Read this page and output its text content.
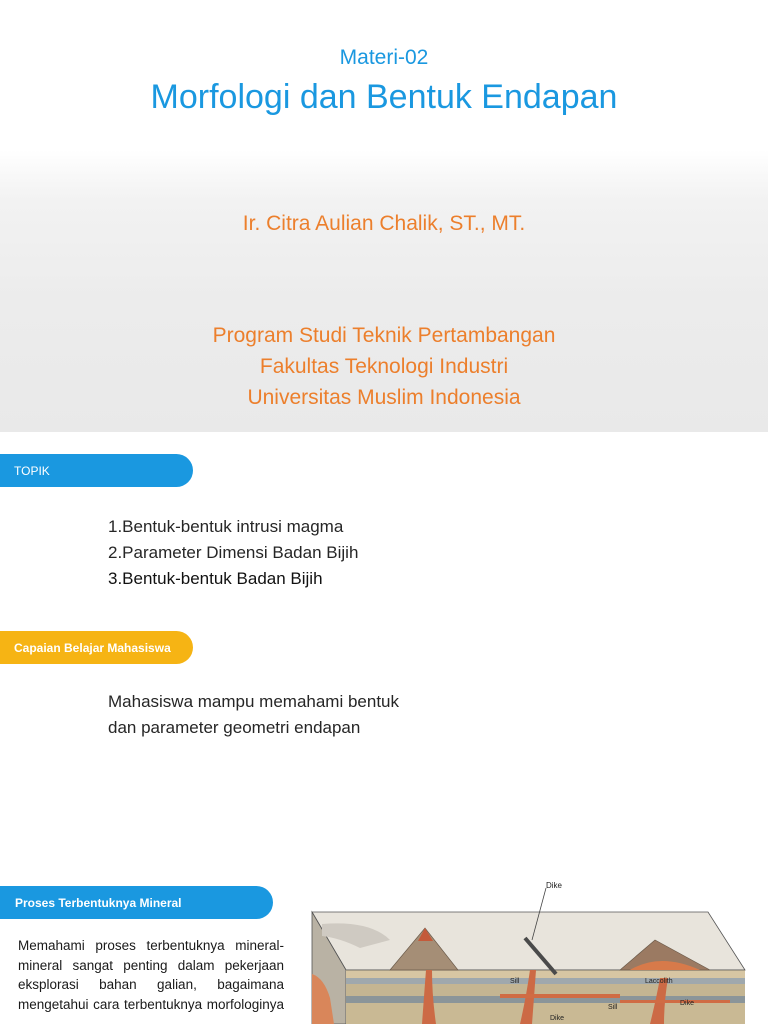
Materi-02
Morfologi dan Bentuk Endapan
Ir. Citra Aulian Chalik, ST., MT.
Program Studi Teknik Pertambangan
Fakultas Teknologi Industri
Universitas Muslim Indonesia
TOPIK
1.Bentuk-bentuk intrusi magma
2.Parameter Dimensi Badan Bijih
3.Bentuk-bentuk Badan Bijih
Capaian Belajar Mahasiswa
Mahasiswa mampu memahami bentuk dan parameter geometri endapan
Proses Terbentuknya Mineral
Memahami proses terbentuknya mineral-mineral sangat penting dalam pekerjaan eksplorasi bahan galian, bagaimana mengetahui cara terbentuknya morfologinya
Dike
Sill
Dike
Laccolith
Sill
Dike
